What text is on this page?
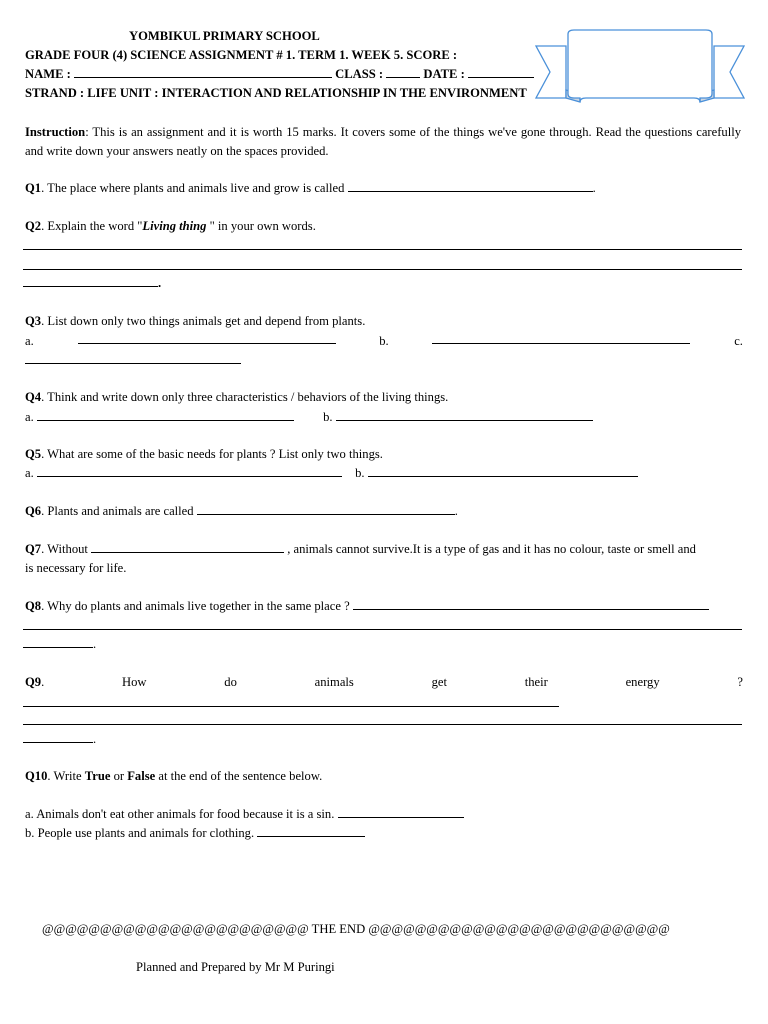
YOMBIKUL PRIMARY SCHOOL
GRADE FOUR (4) SCIENCE ASSIGNMENT # 1. TERM 1. WEEK 5. SCORE :
NAME :	CLASS :	DATE :
STRAND : LIFE UNIT : INTERACTION AND RELATIONSHIP IN THE ENVIRONMENT
Instruction: This is an assignment and it is worth 15 marks. It covers some of the things we've gone through. Read the questions carefully and write down your answers neatly on the spaces provided.
Q1. The place where plants and animals live and grow is called	.
Q2. Explain the word "Living thing " in your own words.
.
Q3. List down only two things animals get and depend from plants.
a.	b.	c.
Q4. Think and write down only three characteristics / behaviors of the living things.
a.	b.
Q5. What are some of the basic needs for plants ? List only two things.
a.	b.
Q6. Plants and animals are called	.
Q7. Without	, animals cannot survive.It is a type of gas and it has no colour, taste or smell and
is necessary for life.
Q8. Why do plants and animals live together in the same place ?
.
Q9.	How	do	animals	get	their	energy	?
.
Q10. Write True or False at the end of the sentence below.
a. Animals don't eat other animals for food because it is a sin.
b. People use plants and animals for clothing.
@@@@@@@@@@@@@@@@@@@@@@@ THE END @@@@@@@@@@@@@@@@@@@@@@@@@@
Planned and Prepared by Mr M Puringi
